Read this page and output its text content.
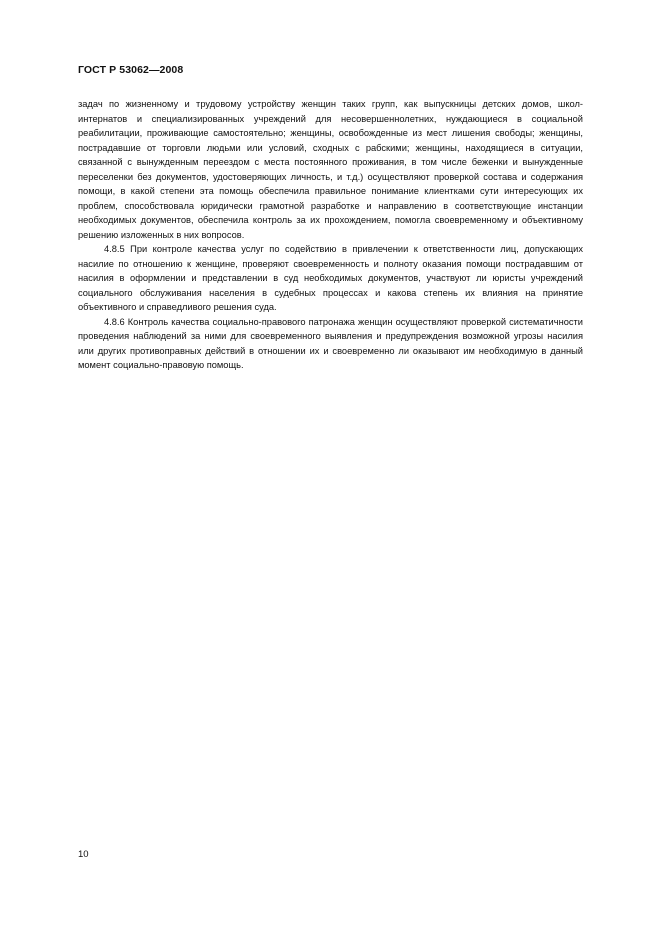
ГОСТ Р 53062—2008

задач по жизненному и трудовому устройству женщин таких групп, как выпускницы детских домов, школ-интернатов и специализированных учреждений для несовершеннолетних, нуждающиеся в социальной реабилитации, проживающие самостоятельно; женщины, освобожденные из мест лишения свободы; женщины, пострадавшие от торговли людьми или условий, сходных с рабскими; женщины, находящиеся в ситуации, связанной с вынужденным переездом с места постоянного проживания, в том числе беженки и вынужденные переселенки без документов, удостоверяющих личность, и т.д.) осуществляют проверкой состава и содержания помощи, в какой степени эта помощь обеспечила правильное понимание клиентками сути интересующих их проблем, способствовала юридически грамотной разработке и направлению в соответствующие инстанции необходимых документов, обеспечила контроль за их прохождением, помогла своевременному и объективному решению изложенных в них вопросов.

4.8.5 При контроле качества услуг по содействию в привлечении к ответственности лиц, допускающих насилие по отношению к женщине, проверяют своевременность и полноту оказания помощи пострадавшим от насилия в оформлении и представлении в суд необходимых документов, участвуют ли юристы учреждений социального обслуживания населения в судебных процессах и какова степень их влияния на принятие объективного и справедливого решения суда.

4.8.6 Контроль качества социально-правового патронажа женщин осуществляют проверкой систематичности проведения наблюдений за ними для своевременного выявления и предупреждения возможной угрозы насилия или других противоправных действий в отношении их и своевременно ли оказывают им необходимую в данный момент социально-правовую помощь.

10
